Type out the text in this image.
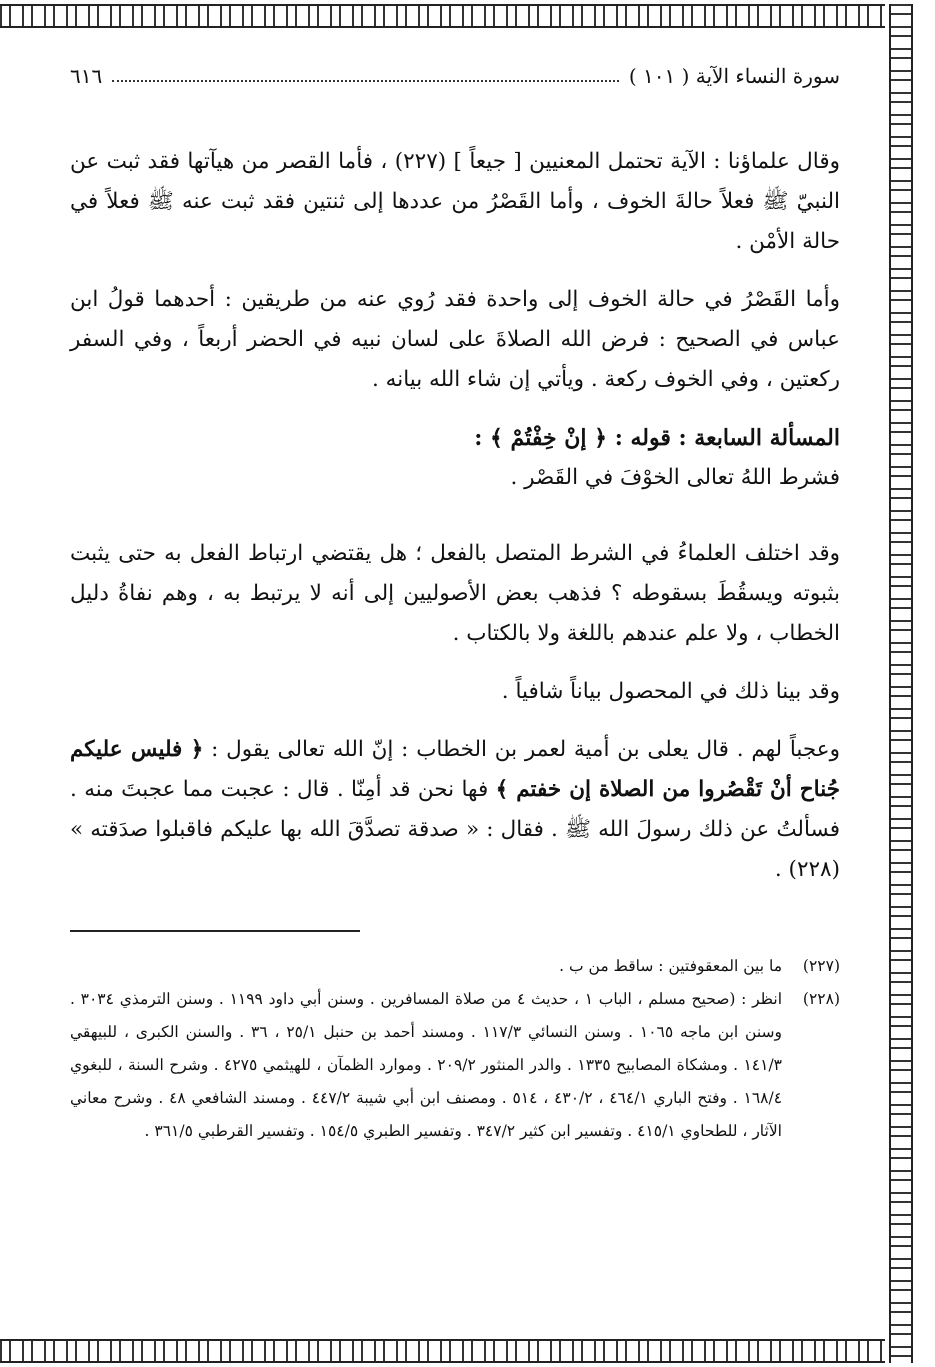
سورة النساء الآية ( ١٠١ )
٦١٦

وقال علماؤنا : الآية تحتمل المعنيين [ جيعاً ] (٢٢٧) ، فأما القصر من هيآتها فقد ثبت عن النبيّ ﷺ فعلاً حالةَ الخوف ، وأما القَصْرُ من عددها إلى ثنتين فقد ثبت عنه ﷺ فعلاً في حالة الأمْن .

وأما القَصْرُ في حالة الخوف إلى واحدة فقد رُوي عنه من طريقين : أحدهما قولُ ابن عباس في الصحيح : فرض الله الصلاةَ على لسان نبيه في الحضر أربعاً ، وفي السفر ركعتين ، وفي الخوف ركعة . ويأتي إن شاء الله بيانه .

المسألة السابعة : قوله : ﴿ إنْ خِفْتُمْ ﴾ :

فشرط اللهُ تعالى الخوْفَ في القَصْر .

وقد اختلف العلماءُ في الشرط المتصل بالفعل ؛ هل يقتضي ارتباط الفعل به حتى يثبت بثبوته ويسقُطَ بسقوطه ؟ فذهب بعض الأصوليين إلى أنه لا يرتبط به ، وهم نفاةُ دليل الخطاب ، ولا علم عندهم باللغة ولا بالكتاب .

وقد بينا ذلك في المحصول بياناً شافياً .

وعجباً لهم . قال يعلى بن أمية لعمر بن الخطاب : إنّ الله تعالى يقول : ﴿ فليس عليكم جُناح أنْ تَقْصُروا من الصلاة إن خفتم ﴾ فها نحن قد أمِنّا . قال : عجبت مما عجبتَ منه . فسألتُ عن ذلك رسولَ الله ﷺ . فقال : « صدقة تصدَّقَ الله بها عليكم فاقبلوا صدَقته » (٢٢٨) .

(٢٢٧)
ما بين المعقوفتين : ساقط من ب .
(٢٢٨)
انظر : (صحيح مسلم ، الباب ١ ، حديث ٤ من صلاة المسافرين . وسنن أبي داود ١١٩٩ . وسنن الترمذي ٣٠٣٤ . وسنن ابن ماجه ١٠٦٥ . وسنن النسائي ١١٧/٣ . ومسند أحمد بن حنبل ٢٥/١ ، ٣٦ . والسنن الكبرى ، للبيهقي ١٤١/٣ . ومشكاة المصابيح ١٣٣٥ . والدر المنثور ٢٠٩/٢ . وموارد الظمآن ، للهيثمي ٤٢٧٥ . وشرح السنة ، للبغوي ١٦٨/٤ . وفتح الباري ٤٦٤/١ ، ٤٣٠/٢ ، ٥١٤ . ومصنف ابن أبي شيبة ٤٤٧/٢ . ومسند الشافعي ٤٨ . وشرح معاني الآثار ، للطحاوي ٤١٥/١ . وتفسير ابن كثير ٣٤٧/٢ . وتفسير الطبري ١٥٤/٥ . وتفسير القرطبي ٣٦١/٥ .
